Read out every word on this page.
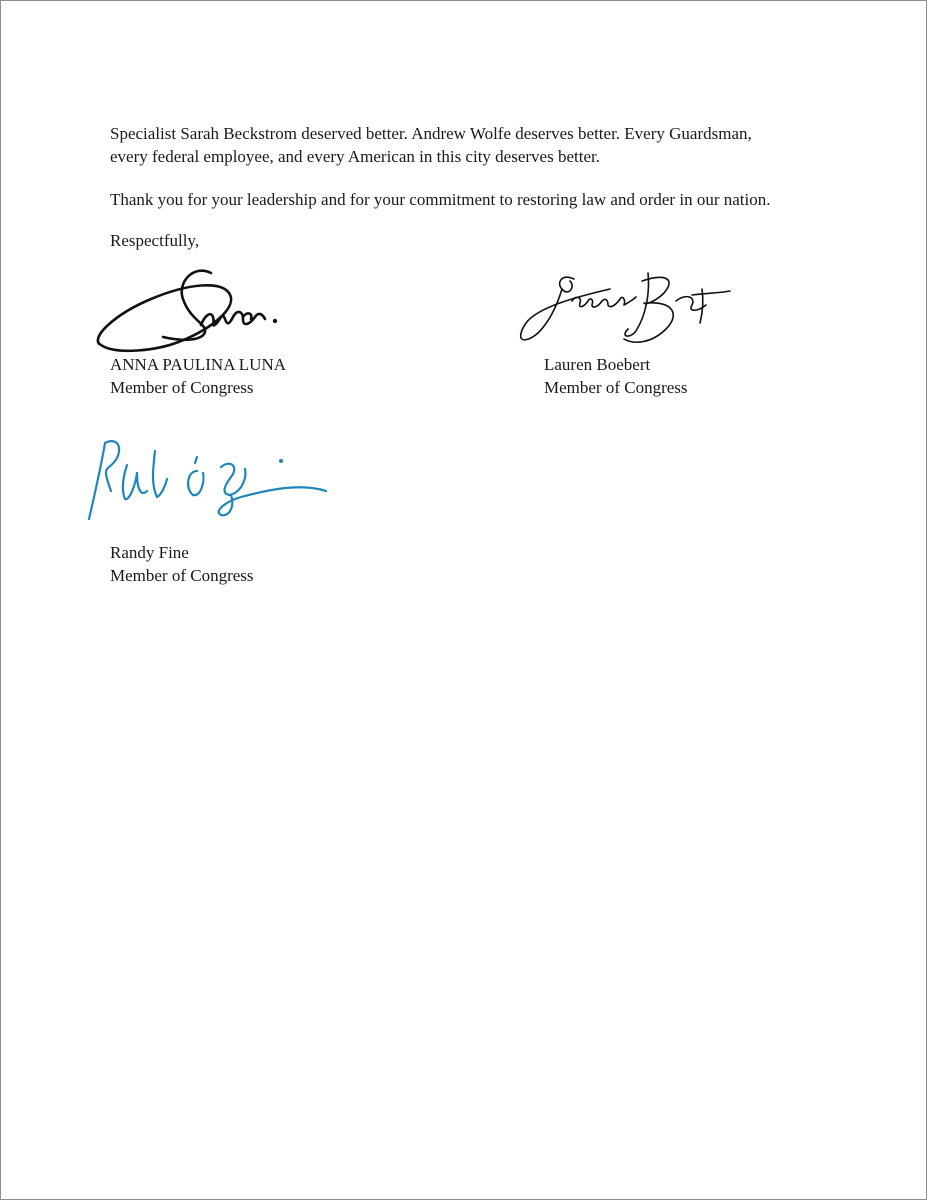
Specialist Sarah Beckstrom deserved better. Andrew Wolfe deserves better. Every Guardsman,
every federal employee, and every American in this city deserves better.

Thank you for your leadership and for your commitment to restoring law and order in our nation.

Respectfully,

ANNA PAULINA LUNA
Member of Congress

Lauren Boebert
Member of Congress

Randy Fine
Member of Congress
